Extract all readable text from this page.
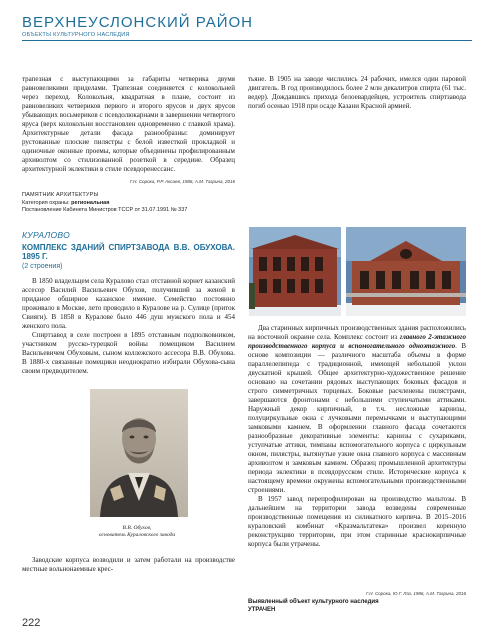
ВЕРХНЕУСЛОНСКИЙ РАЙОН
ОБЪЕКТЫ КУЛЬТУРНОГО НАСЛЕДИЯ

трапезная с выступающими за габариты четверика двумя равновеликими приделами. Трапезная соединяется с колокольней через переход. Колокольня, квадратная в плане, состоит из равновеликих четвериков первого и второго ярусов и двух ярусов убывающих восьмериков с псевдолюкарнами в завершении четвертого яруса (верх колокольни восстановлен одновременно с главкой храма). Архитектурные детали фасада разнообразны: доминирует рустованные плоские пилястры с белой известкой прокладкой и одиночные оконные проемы, которые объединены профилированным архиволтом со стилизованной розеткой в середине. Образец архитектурной эклектики в стиле псевдоренессанс.

Г.Н. Сорока, Р.Р. Аксаев, 1986, А.М. Тазрина, 2016
ПАМЯТНИК АРХИТЕКТУРЫ
Категория охраны: региональная
Постановление Кабинета Министров ТССР от 31.07.1991 № 337
КУРАЛОВО
КОМПЛЕКС ЗДАНИЙ СПИРТЗАВОДА В.В. ОБУХОВА. 1895 Г.
(2 строения)

В 1850 владельцем села Куралово стал отставной корнет казанский ассесор Василий Васильевич Обухов, получивший за женой в приданое обширное казанское имение. Семейство постоянно проживало в Москве, лето проводило в Куралове на р. Сулице (приток Свияги). В 1858 в Куралове было 446 душ мужского пола и 454 женского пола.

Спиртзавод в селе построен в 1895 отставным подполковником, участником русско-турецкой войны помещиком Василием Васильевичем Обуховым, сыном коллежского ассесора В.В. Обухова. В 1880-х связанные помещики неоднократно избирали Обухова-сына своим предводителем.

В.В. Обухов,
основатель Кураловского завода

Заводские корпуса возводили и затем работали на производстве местные вольнонаемные крес-

тьяне. В 1905 на заводе числились 24 рабочих, имелся один паровой двигатель. В год производилось более 2 млн декалитров спирта (61 тыс. ведер). Дождавшись прихода белоевардейцев, устроитель спиртзавода погиб осенью 1918 при осаде Казани Красной армией.

Два старинных кирпичных производственных здания расположились на восточной окраине села. Комплекс состоит из главного 2-этажного производственного корпуса и вспомогательного одноэтажного. В основе композиции — различного масштаба объемы в форме параллелепипеда с традиционной, имеющей небольшой уклон двускатной крышей. Общее архитектурно-художественное решение основано на сочетании рядовых выступающих боковых фасадов и строго симметричных торцевых. Боковые расчленены пилястрами, завершаются фронтонами с небольшими ступенчатыми аттиками. Наружный декор кирпичный, в т.ч. несложные карнизы, полуциркульные окна с лучковыми перемычками и выступающими замковыми камнем. В оформлении главного фасада сочетаются разнообразные декоративные элементы: карнизы с сухариками, уступчатые аттики, тимпаны вспомогательного корпуса с циркульным окном, пилястры, вытянутые узкие окна главного корпуса с массивным архиволтом и замковым камнем. Образец промышленной архитектуры периода эклектики в псевдорусском стиле. Исторические корпуса к настоящему времени окружены вспомогательными производственными строениями.

В 1957 завод перепрофилирован на производство мальтозы. В дальнейшем на территории завода возведены современные производственные помещения из силикатного кирпича. В 2015–2016 кураловский комбинат «Кразмальтатека» произвел коренную реконструкцию территории, при этом старинные краснокирпичные корпуса были утрачены.

Г.Н. Сорока, Ю.Г. Лаз, 1986, А.М. Тазрина, 2016
Выявленный объект культурного наследия
УТРАЧЕН
222
